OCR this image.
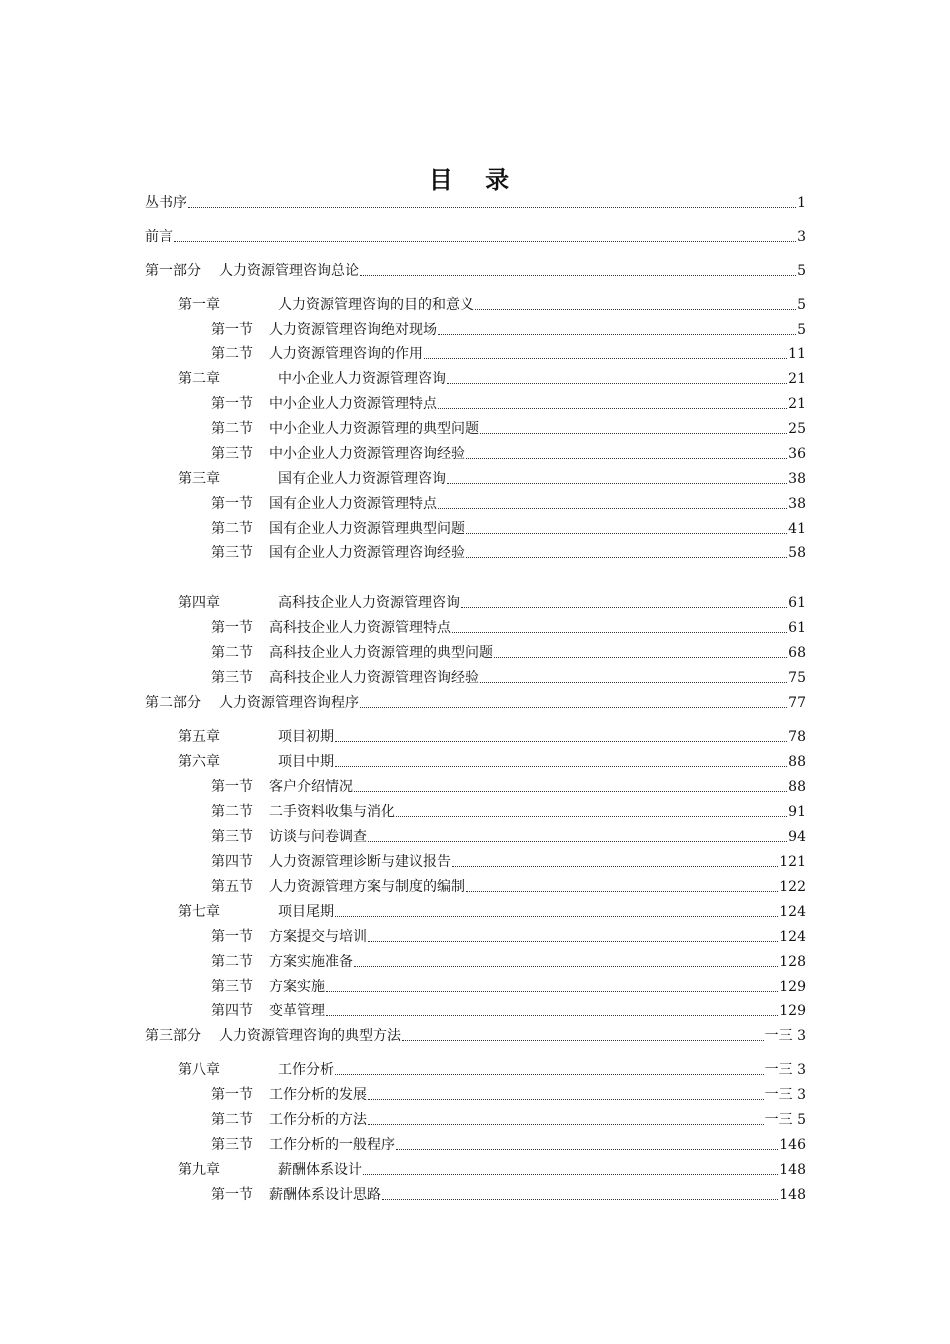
目 录
丛书序	1
前言	3
第一部分	人力资源管理咨询总论	5
第一章	人力资源管理咨询的目的和意义	5
第一节	人力资源管理咨询绝对现场	5
第二节	人力资源管理咨询的作用	11
第二章	中小企业人力资源管理咨询	21
第一节	中小企业人力资源管理特点	21
第二节	中小企业人力资源管理的典型问题	25
第三节	中小企业人力资源管理咨询经验	36
第三章	国有企业人力资源管理咨询	38
第一节	国有企业人力资源管理特点	38
第二节	国有企业人力资源管理典型问题	41
第三节	国有企业人力资源管理咨询经验	58
第四章	高科技企业人力资源管理咨询	61
第一节	高科技企业人力资源管理特点	61
第二节	高科技企业人力资源管理的典型问题	68
第三节	高科技企业人力资源管理咨询经验	75
第二部分	人力资源管理咨询程序	77
第五章	项目初期	78
第六章	项目中期	88
第一节	客户介绍情况	88
第二节	二手资料收集与消化	91
第三节	访谈与问卷调查	94
第四节	人力资源管理诊断与建议报告	121
第五节	人力资源管理方案与制度的编制	122
第七章	项目尾期	124
第一节	方案提交与培训	124
第二节	方案实施准备	128
第三节	方案实施	129
第四节	变革管理	129
第三部分	人力资源管理咨询的典型方法	一三 3
第八章	工作分析	一三 3
第一节	工作分析的发展	一三 3
第二节	工作分析的方法	一三 5
第三节	工作分析的一般程序	146
第九章	薪酬体系设计	148
第一节	薪酬体系设计思路	148
